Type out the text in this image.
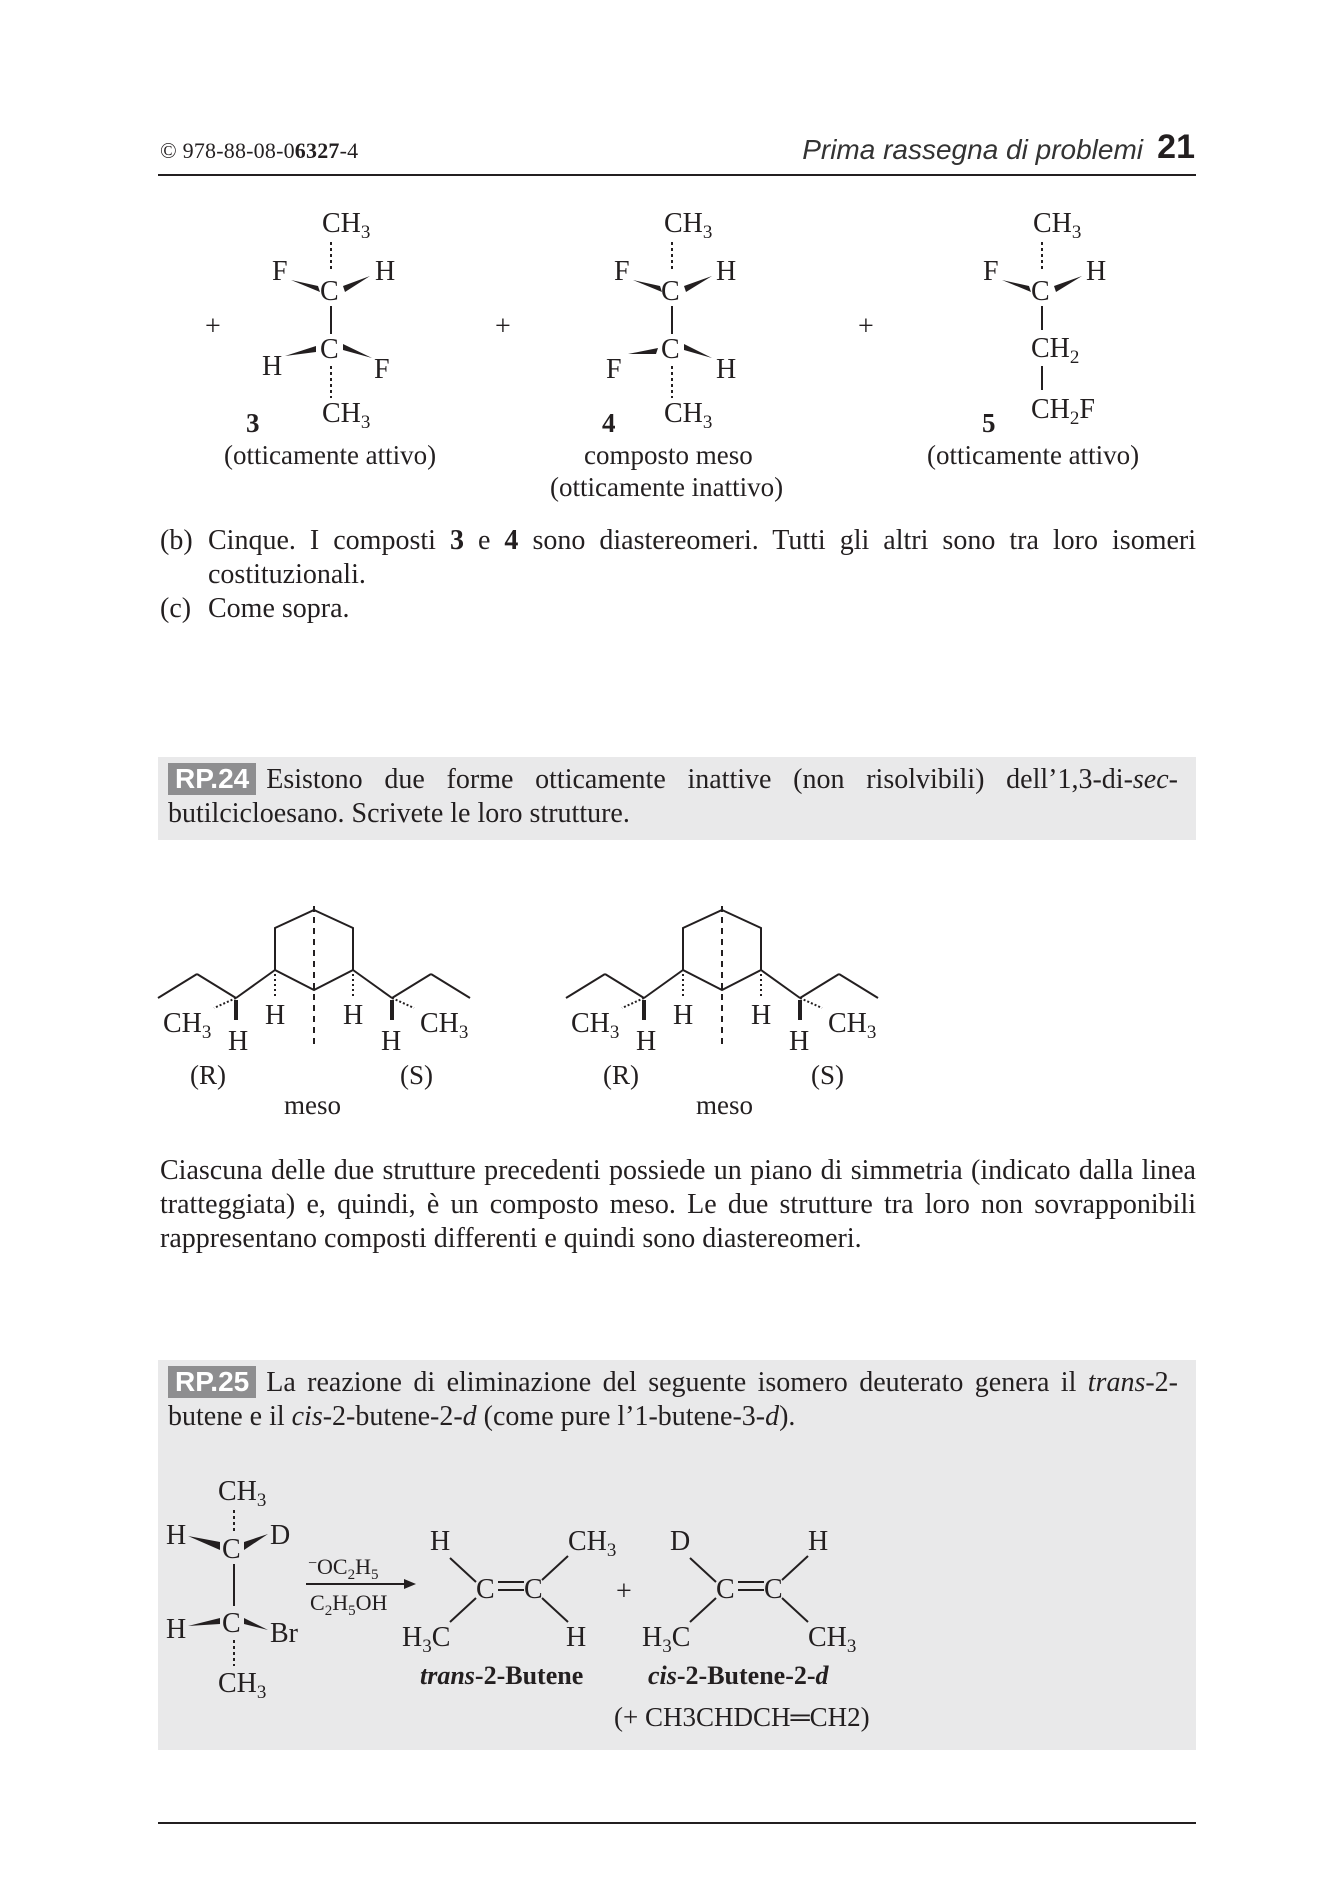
© 978-88-08-06327-4	Prima rassegna di problemi 21
$CH_3$
F
C
H
C
H	F
$CH_3$
+
3
(otticamente attivo)
+
$CH_3$
F
C
H
C
F	H
$CH_3$
4
composto meso
(otticamente inattivo)
+
$CH_3$
F
C
H
$CH_2$
$CH_2F$
5
(otticamente attivo)
(b) Cinque. I composti 3 e 4 sono diastereomeri. Tutti gli altri sono tra loro isomeri costituzionali.
(c) Come sopra.
RP.24 Esistono due forme otticamente inattive (non risolvibili) dell’1,3-di-sec-butilcicloesano. Scrivete le loro strutture.
$CH_3$ H
H H
H
$CH_3$
(R)	(S)
meso
$CH_3$ H
H H
H
$CH_3$
(R)	(S)
meso
Ciascuna delle due strutture precedenti possiede un piano di simmetria (indicato dalla linea tratteggiata) e, quindi, è un composto meso. Le due strutture tra loro non sovrapponibili rappresentano composti differenti e quindi sono diastereomeri.
RP.25 La reazione di eliminazione del seguente isomero deuterato genera il trans-2-butene e il cis-2-butene-2-d (come pure l’1-butene-3-d).
$CH_3$
H C D
C
H	Br
$CH_3$
$^-OC_2H_5$
$C_2H_5OH$
H
C C
$CH_3$
$H_3C$	H
trans-2-Butene
+
D
C C
H
$H_3C$	$CH_3$
cis-2-Butene-2-d
(+ CH3CHDCH═CH2)
